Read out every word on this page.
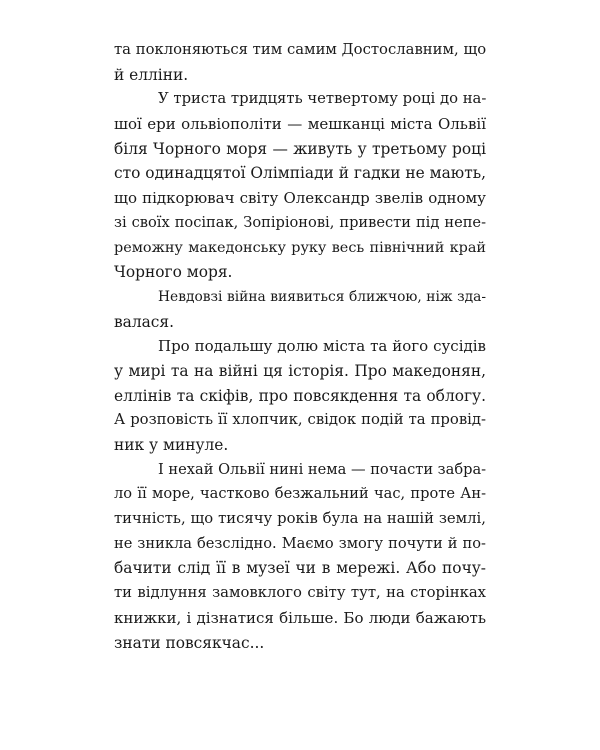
та поклоняються тим самим Достославним, що
й елліни.
У триста тридцять четвертому році до на-
шої ери ольвіополіти — мешканці міста Ольвії
біля Чорного моря — живуть у третьому році
сто одинадцятої Олімпіади й гадки не мають,
що підкорювач світу Олександр звелів одному
зі своїх посіпак, Зопіріонові, привести під непе-
реможну македонську руку весь північний край
Чорного моря.
Невдовзі війна виявиться ближчою, ніж зда-
валася.
Про подальшу долю міста та його сусідів
у мирі та на війні ця історія. Про македонян,
еллінів та скіфів, про повсякдення та облогу.
А розповість її хлопчик, свідок подій та провід-
ник у минуле.
І нехай Ольвії нині нема — почасти забра-
ло її море, частково безжальний час, проте Ан-
тичність, що тисячу років була на нашій землі,
не зникла безслідно. Маємо змогу почути й по-
бачити слід її в музеї чи в мережі. Або почу-
ти відлуння замовклого світу тут, на сторінках
книжки, і дізнатися більше. Бо люди бажають
знати повсякчас...
